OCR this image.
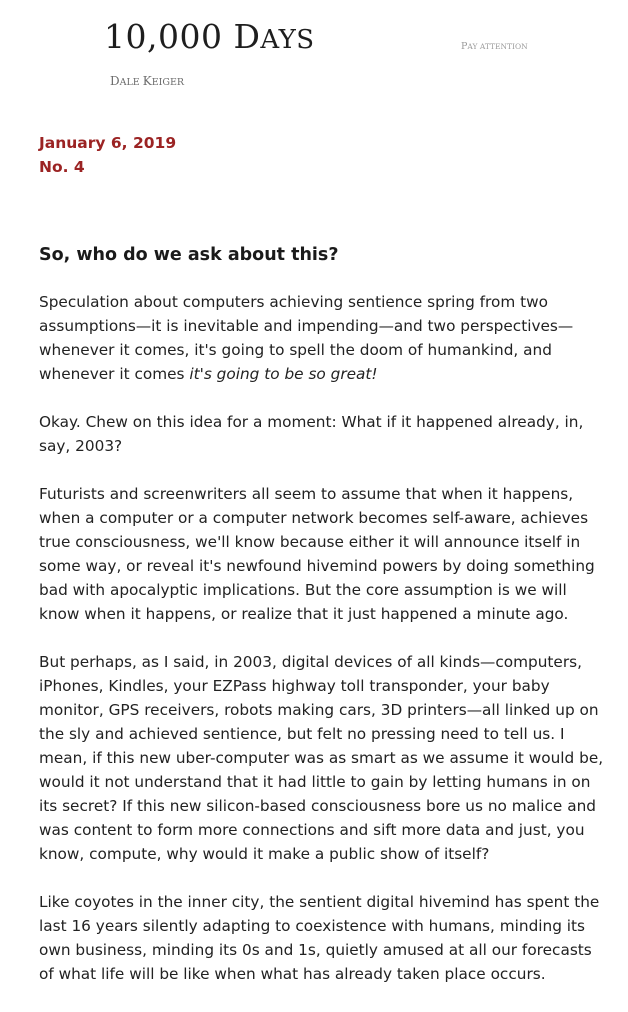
10,000 DAYS
DALE KEIGER
PAY ATTENTION
January 6, 2019
No. 4
So, who do we ask about this?

Speculation about computers achieving sentience spring from two assumptions—it is inevitable and impending—and two perspectives—whenever it comes, it's going to spell the doom of humankind, and whenever it comes it's going to be so great!

Okay. Chew on this idea for a moment: What if it happened already, in, say, 2003?

Futurists and screenwriters all seem to assume that when it happens, when a computer or a computer network becomes self-aware, achieves true consciousness, we'll know because either it will announce itself in some way, or reveal it's newfound hivemind powers by doing something bad with apocalyptic implications. But the core assumption is we will know when it happens, or realize that it just happened a minute ago.

But perhaps, as I said, in 2003, digital devices of all kinds—computers, iPhones, Kindles, your EZPass highway toll transponder, your baby monitor, GPS receivers, robots making cars, 3D printers—all linked up on the sly and achieved sentience, but felt no pressing need to tell us. I mean, if this new uber-computer was as smart as we assume it would be, would it not understand that it had little to gain by letting humans in on its secret? If this new silicon-based consciousness bore us no malice and was content to form more connections and sift more data and just, you know, compute, why would it make a public show of itself?

Like coyotes in the inner city, the sentient digital hivemind has spent the last 16 years silently adapting to coexistence with humans, minding its own business, minding its 0s and 1s, quietly amused at all our forecasts of what life will be like when what has already taken place occurs.
